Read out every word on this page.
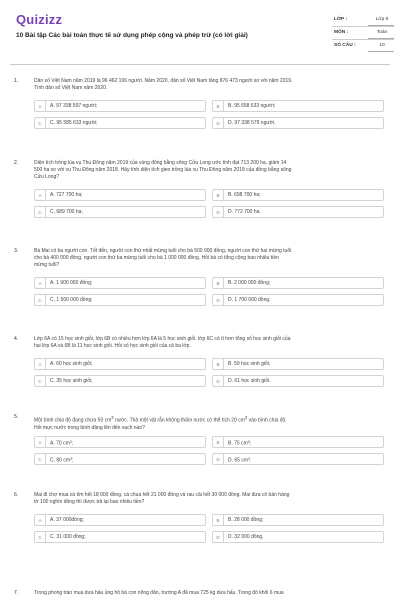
Quizizz
10 Bài tập Các bài toán thực tế sử dụng phép cộng và phép trừ (có lời giải)
LỚP :	Lớp 6
MÔN :	Toán
SỐ CÂU :	10
1.	Dân số Việt Nam năm 2019 là 96 462 106 người. Năm 2020, dân số Việt Nam tăng 876 473 người so với năm 2019.
Tính dân số Việt Nam năm 2020.
A	A. 97 338 597 người;	B	B. 95 658 633 người;
C	C. 95 585 633 người;	D	D. 97 338 579 người.
2.	Diện tích trồng lúa vụ Thu Đông năm 2019 của vùng đồng bằng sông Cửu Long ước tính đạt 713 200 ha, giảm 14
500 ha so với vụ Thu Đông năm 2018. Hãy tính diện tích gieo trồng lúa vụ Thu Đông năm 2018 của đồng bằng sông
Cửu Long?
A	A. 727 700 ha;	B	B. 698 700 ha;
C	C. 689 700 ha;	D	D. 772 700 ha.
3.	Bà Mai có ba người con. Tết đến, người con thứ nhất mừng tuổi cho bà 500 000 đồng, người con thứ hai mừng tuổi
cho bà 400 000 đồng, người con thứ ba mừng tuổi cho bà 1 000 000 đồng. Hỏi bà có tổng cộng bao nhiêu tiền
mừng tuổi?
A	A. 1 900 000 đồng;	B	B. 2 000 000 đồng;
C	C. 1 500 000 đồng;	D	D. 1 700 000 đồng.
4.	Lớp 6A có 15 học sinh giỏi, lớp 6B có nhiều hơn lớp 6A là 5 học sinh giỏi, lớp 6C có ít hơn tổng số học sinh giỏi của
hai lớp 6A và 6B là 11 học sinh giỏi. Hỏi số học sinh giỏi của cả ba lớp.
A	A. 60 học sinh giỏi;	B	B. 59 học sinh giỏi;
C	C. 35 học sinh giỏi;	D	D. 61 học sinh giỏi.
5.
Một bình chia độ đang chứa 50 $cm^3$ nước. Thả một vật rắn không thấm nước có thể tích 20 $cm^3$ vào bình chia độ.
Hỏi mực nước trong bình dâng lên đến vạch nào?
A	A. 70 $cm^3$;	B	B. 75 $cm^3$;
C	C. 80 $cm^3$;	D	D. 65 $cm^3$.
6.	Mai đi chợ mua cá tím hết 18 000 đồng, cà chua hết 21 000 đồng và rau cải hết 30 000 đồng. Mai đưa cô bán hàng
tờ 100 nghìn đồng thì được trả lại bao nhiêu tiền?
A	A. 37 000đồng;	B	B. 28 000 đồng;
C	C. 31 000 đồng;	D	D. 32 000 đồng.
7.	Trong phong trào mua dưa hấu ủng hộ bà con nông dân, trường A đã mua 725 kg dưa hấu. Trong đó khối 6 mua
